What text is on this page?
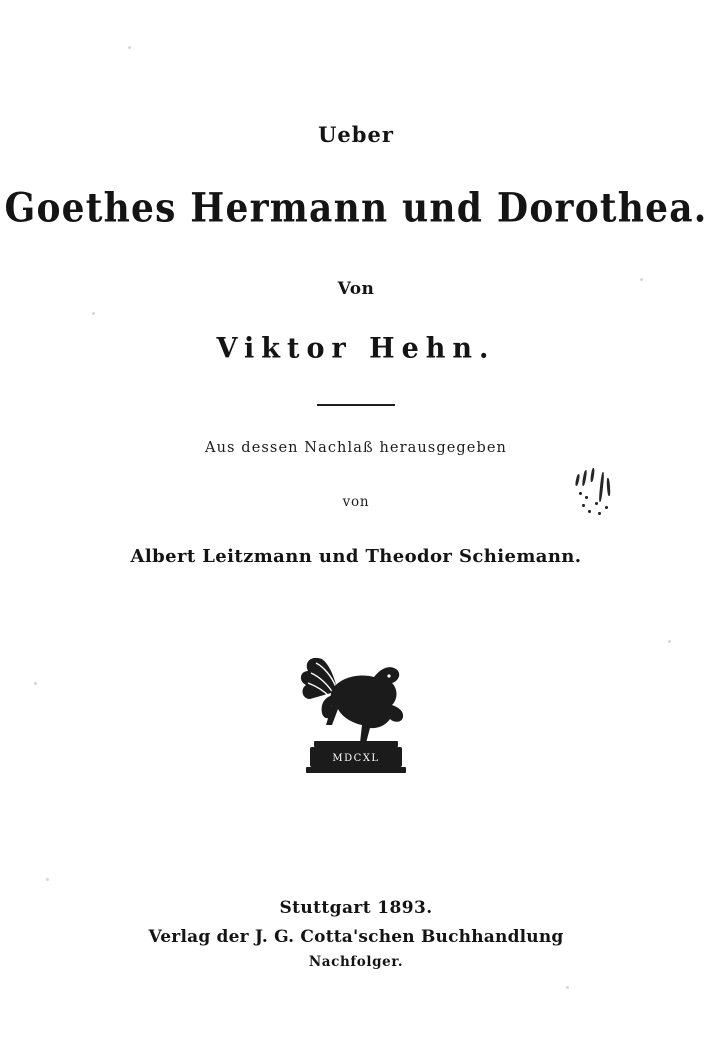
Ueber
Goethes Hermann und Dorothea.
Von
Viktor Hehn.
Aus dessen Nachlaß herausgegeben
von
Albert Leitzmann und Theodor Schiemann.
MDCXL
Stuttgart 1893.
Verlag der J. G. Cotta'schen Buchhandlung
Nachfolger.
